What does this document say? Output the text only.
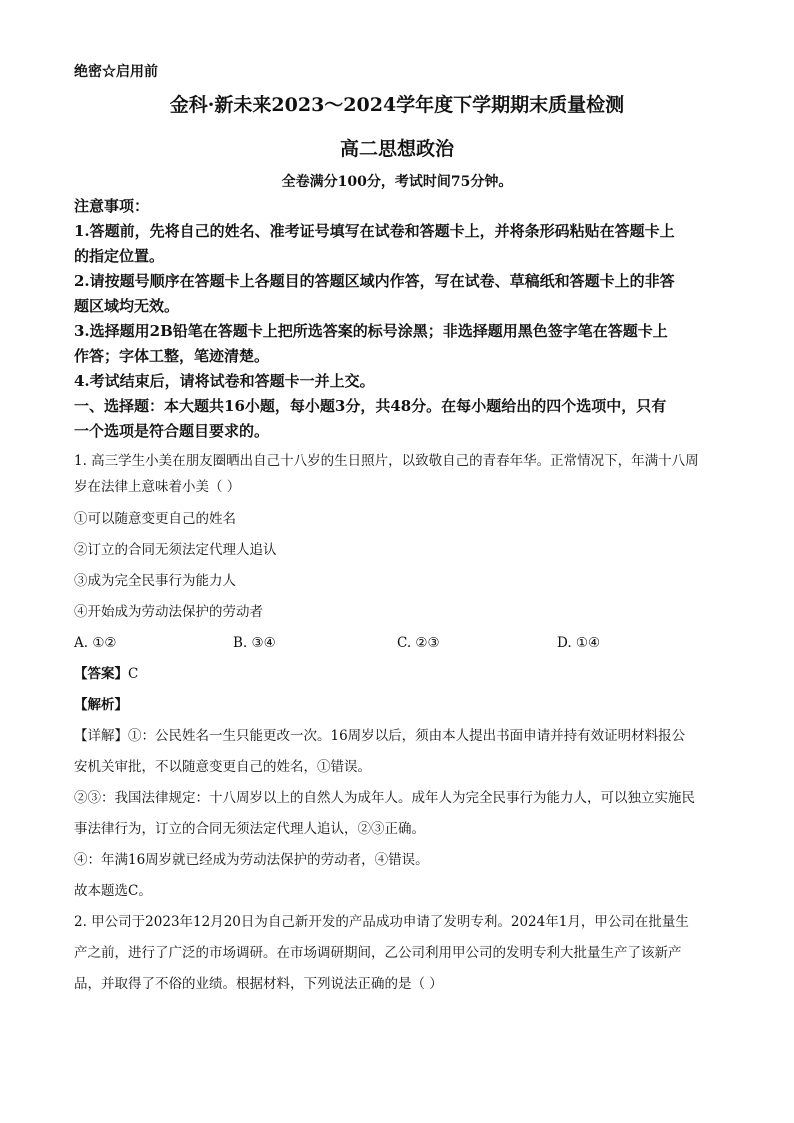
绝密☆启用前
金科·新未来2023～2024学年度下学期期末质量检测
高二思想政治
全卷满分100分，考试时间75分钟。
注意事项：
1.答题前，先将自己的姓名、准考证号填写在试卷和答题卡上，并将条形码粘贴在答题卡上
的指定位置。
2.请按题号顺序在答题卡上各题目的答题区域内作答，写在试卷、草稿纸和答题卡上的非答
题区域均无效。
3.选择题用2B铅笔在答题卡上把所选答案的标号涂黑；非选择题用黑色签字笔在答题卡上
作答；字体工整，笔迹清楚。
4.考试结束后，请将试卷和答题卡一并上交。
一、选择题：本大题共16小题，每小题3分，共48分。在每小题给出的四个选项中，只有
一个选项是符合题目要求的。
1. 高三学生小美在朋友圈晒出自己十八岁的生日照片，以致敬自己的青春年华。正常情况下，年满十八周
岁在法律上意味着小美（ ）
①可以随意变更自己的姓名
②订立的合同无须法定代理人追认
③成为完全民事行为能力人
④开始成为劳动法保护的劳动者
A. ①②	B. ③④	C. ②③	D. ①④
【答案】C
【解析】
【详解】①：公民姓名一生只能更改一次。16周岁以后，须由本人提出书面申请并持有效证明材料报公
安机关审批，不以随意变更自己的姓名，①错误。
②③：我国法律规定：十八周岁以上的自然人为成年人。成年人为完全民事行为能力人，可以独立实施民
事法律行为，订立的合同无须法定代理人追认，②③正确。
④：年满16周岁就已经成为劳动法保护的劳动者，④错误。
故本题选C。
2. 甲公司于2023年12月20日为自己新开发的产品成功申请了发明专利。2024年1月，甲公司在批量生
产之前，进行了广泛的市场调研。在市场调研期间，乙公司利用甲公司的发明专利大批量生产了该新产
品，并取得了不俗的业绩。根据材料，下列说法正确的是（ ）
